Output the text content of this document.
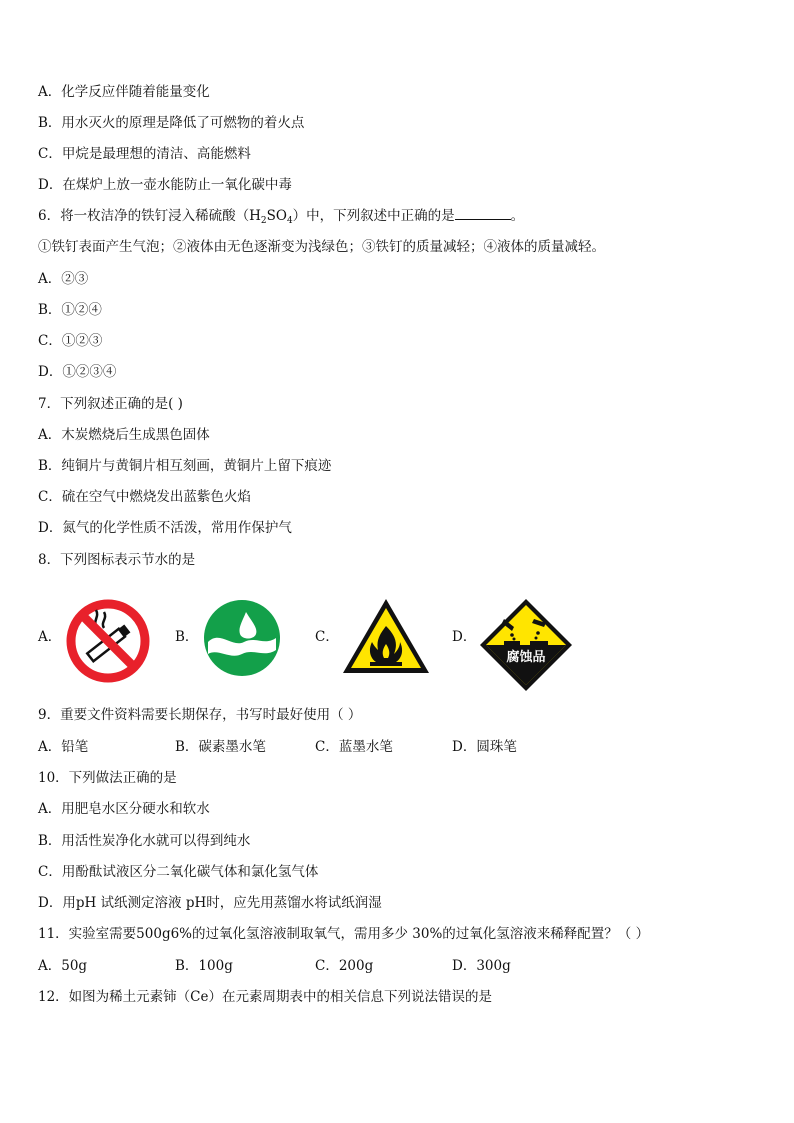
A．化学反应伴随着能量变化
B．用水灭火的原理是降低了可燃物的着火点
C．甲烷是最理想的清洁、高能燃料
D．在煤炉上放一壶水能防止一氧化碳中毒
6．将一枚洁净的铁钉浸入稀硫酸$(H_2SO_4)$中，下列叙述中正确的是	。
①铁钉表面产生气泡；②液体由无色逐渐变为浅绿色；③铁钉的质量减轻；④液体的质量减轻。
A．②③
B．①②④
C．①②③
D．①②③④
7．下列叙述正确的是( )
A．木炭燃烧后生成黑色固体
B．纯铜片与黄铜片相互刻画，黄铜片上留下痕迹
C．硫在空气中燃烧发出蓝紫色火焰
D．氮气的化学性质不活泼，常用作保护气
8．下列图标表示节水的是
A．	B．	C．	D．
腐蚀品
9．重要文件资料需要长期保存，书写时最好使用（ ）
A．铅笔	B．碳素墨水笔	C．蓝墨水笔	D．圆珠笔
10．下列做法正确的是
A．用肥皂水区分硬水和软水
B．用活性炭净化水就可以得到纯水
C．用酚酞试液区分二氧化碳气体和氯化氢气体
D．用pH 试纸测定溶液 pH时，应先用蒸馏水将试纸润湿
11．实验室需要500g6%的过氧化氢溶液制取氧气，需用多少 30%的过氧化氢溶液来稀释配置？（ ）
A．50g	B．100g	C．200g	D．300g
12．如图为稀土元素铈（Ce）在元素周期表中的相关信息下列说法错误的是
